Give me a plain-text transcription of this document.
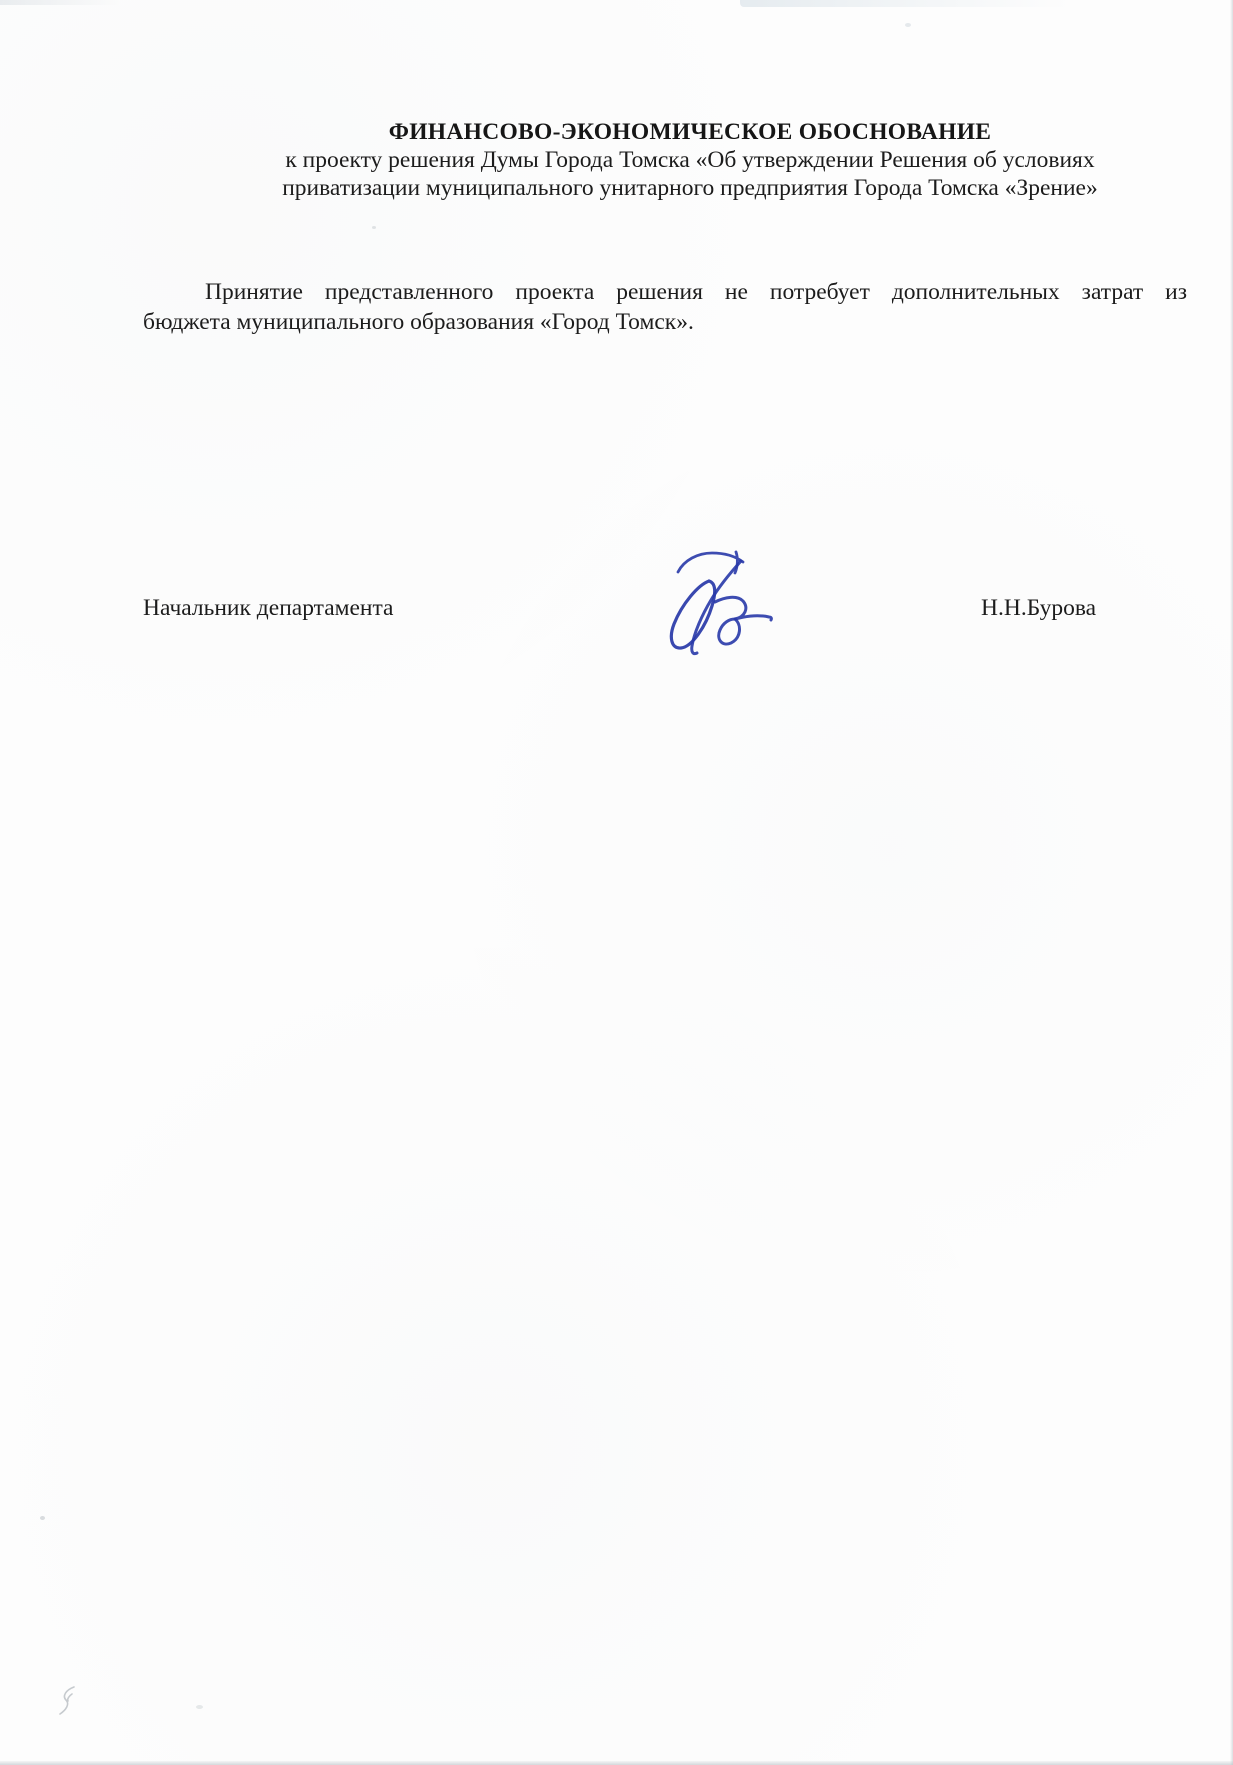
ФИНАНСОВО-ЭКОНОМИЧЕСКОЕ ОБОСНОВАНИЕ
к проекту решения Думы Города Томска «Об утверждении Решения об условиях
приватизации муниципального унитарного предприятия Города Томска «Зрение»
Принятие представленного проекта решения не потребует дополнительных затрат из
бюджета муниципального образования «Город Томск».
Начальник департамента	Н.Н.Бурова
